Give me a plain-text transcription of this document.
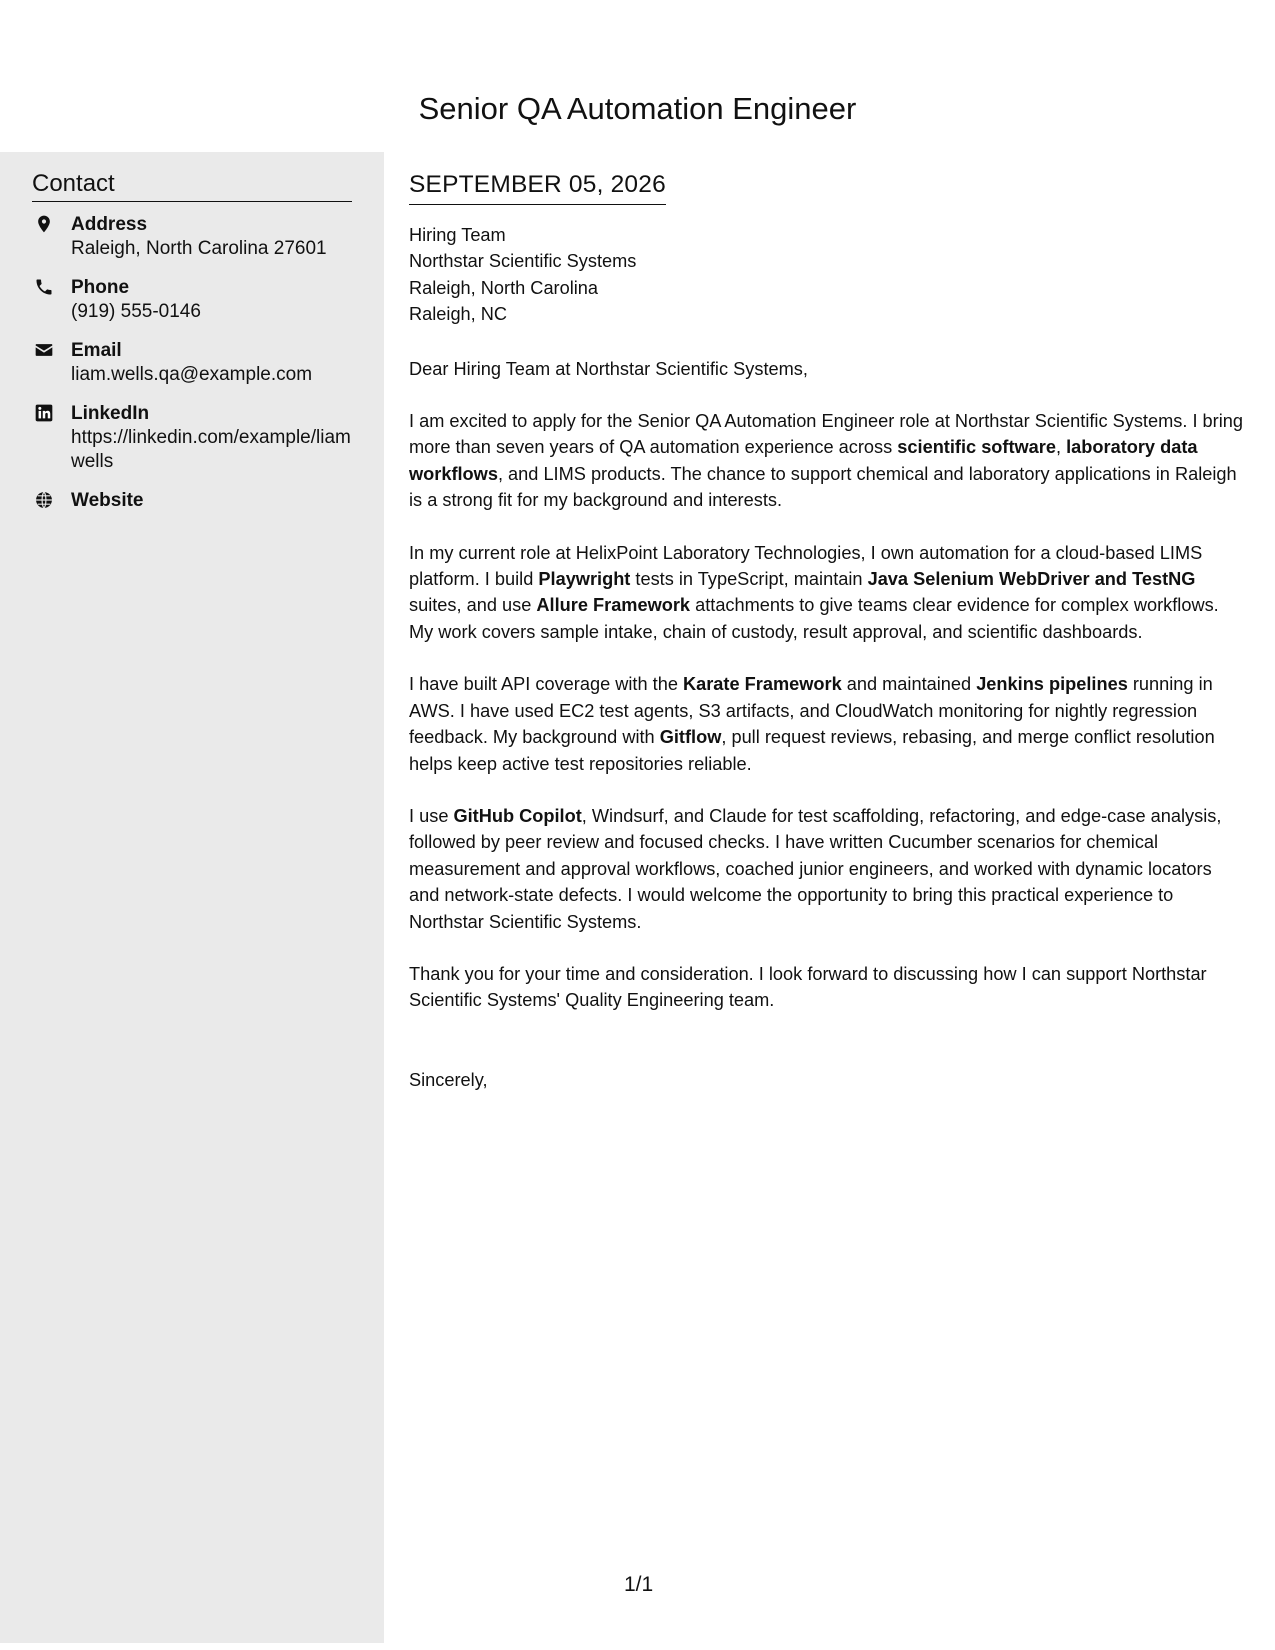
Senior QA Automation Engineer
Contact
Address
Raleigh, North Carolina 27601
Phone
(919) 555-0146
Email
liam.wells.qa@example.com
LinkedIn
https://linkedin.com/example/liamwells
Website
SEPTEMBER 05, 2026
Hiring Team
Northstar Scientific Systems
Raleigh, North Carolina
Raleigh, NC
Dear Hiring Team at Northstar Scientific Systems,

I am excited to apply for the Senior QA Automation Engineer role at Northstar Scientific Systems. I bring more than seven years of QA automation experience across scientific software, laboratory data workflows, and LIMS products. The chance to support chemical and laboratory applications in Raleigh is a strong fit for my background and interests.

In my current role at HelixPoint Laboratory Technologies, I own automation for a cloud-based LIMS platform. I build Playwright tests in TypeScript, maintain Java Selenium WebDriver and TestNG suites, and use Allure Framework attachments to give teams clear evidence for complex workflows. My work covers sample intake, chain of custody, result approval, and scientific dashboards.

I have built API coverage with the Karate Framework and maintained Jenkins pipelines running in AWS. I have used EC2 test agents, S3 artifacts, and CloudWatch monitoring for nightly regression feedback. My background with Gitflow, pull request reviews, rebasing, and merge conflict resolution helps keep active test repositories reliable.

I use GitHub Copilot, Windsurf, and Claude for test scaffolding, refactoring, and edge-case analysis, followed by peer review and focused checks. I have written Cucumber scenarios for chemical measurement and approval workflows, coached junior engineers, and worked with dynamic locators and network-state defects. I would welcome the opportunity to bring this practical experience to Northstar Scientific Systems.

Thank you for your time and consideration. I look forward to discussing how I can support Northstar Scientific Systems' Quality Engineering team.

Sincerely,
1/1
